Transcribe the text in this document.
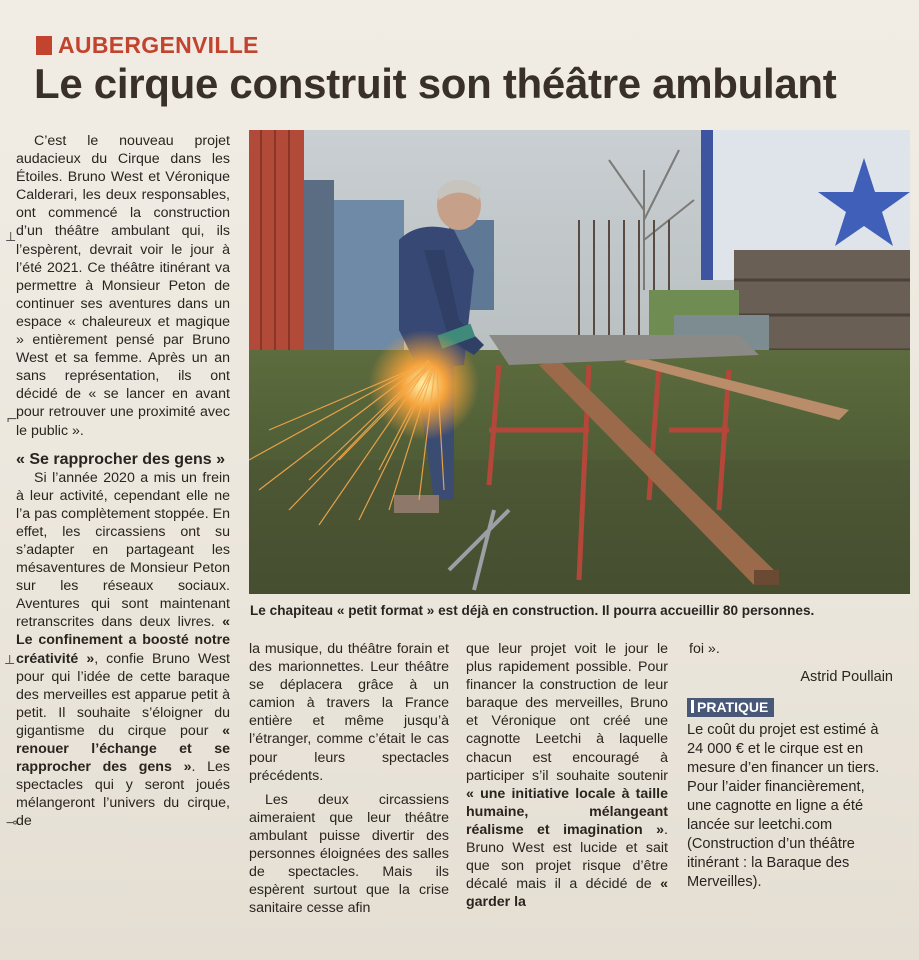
AUBERGENVILLE
Le cirque construit son théâtre ambulant

C’est le nouveau projet audacieux du Cirque dans les Étoiles. Bruno West et Véronique Calderari, les deux responsables, ont commencé la construction d’un théâtre ambulant qui, ils l’espèrent, devrait voir le jour à l’été 2021. Ce théâtre itinérant va permettre à Monsieur Peton de continuer ses aventures dans un espace « chaleureux et magique » entièrement pensé par Bruno West et sa femme. Après un an sans représentation, ils ont décidé de « se lancer en avant pour retrouver une proximité avec le public ».

« Se rapprocher des gens »

Si l’année 2020 a mis un frein à leur activité, cependant elle ne l’a pas complètement stoppée. En effet, les circassiens ont su s’adapter en partageant les mésaventures de Monsieur Peton sur les réseaux sociaux. Aventures qui sont maintenant retranscrites dans deux livres. « Le confinement a boosté notre créativité », confie Bruno West pour qui l’idée de cette baraque des merveilles est apparue petit à petit. Il souhaite s’éloigner du gigantisme du cirque pour « renouer l’échange et se rapprocher des gens ». Les spectacles qui y seront joués mélangeront l’univers du cirque, de

Le chapiteau « petit format » est déjà en construction. Il pourra accueillir 80 personnes.

la musique, du théâtre forain et des marionnettes. Leur théâtre se déplacera grâce à un camion à travers la France entière et même jusqu’à l’étranger, comme c’était le cas pour leurs spectacles précédents.

Les deux circassiens aimeraient que leur théâtre ambulant puisse divertir des personnes éloignées des salles de spectacles. Mais ils espèrent surtout que la crise sanitaire cesse afin

que leur projet voit le jour le plus rapidement possible. Pour financer la construction de leur baraque des merveilles, Bruno et Véronique ont créé une cagnotte Leetchi à laquelle chacun est encouragé à participer s’il souhaite soutenir « une initiative locale à taille humaine, mélangeant réalisme et imagination ». Bruno West est lucide et sait que son projet risque d’être décalé mais il a décidé de « garder la

foi ».

Astrid Poullain

PRATIQUE

Le coût du projet est estimé à 24 000 € et le cirque est en mesure d’en financer un tiers. Pour l’aider financièrement, une cagnotte en ligne a été lancée sur leetchi.com (Construction d’un théâtre itinérant : la Baraque des Merveilles).

⟂
⌐
⟂
⊸
